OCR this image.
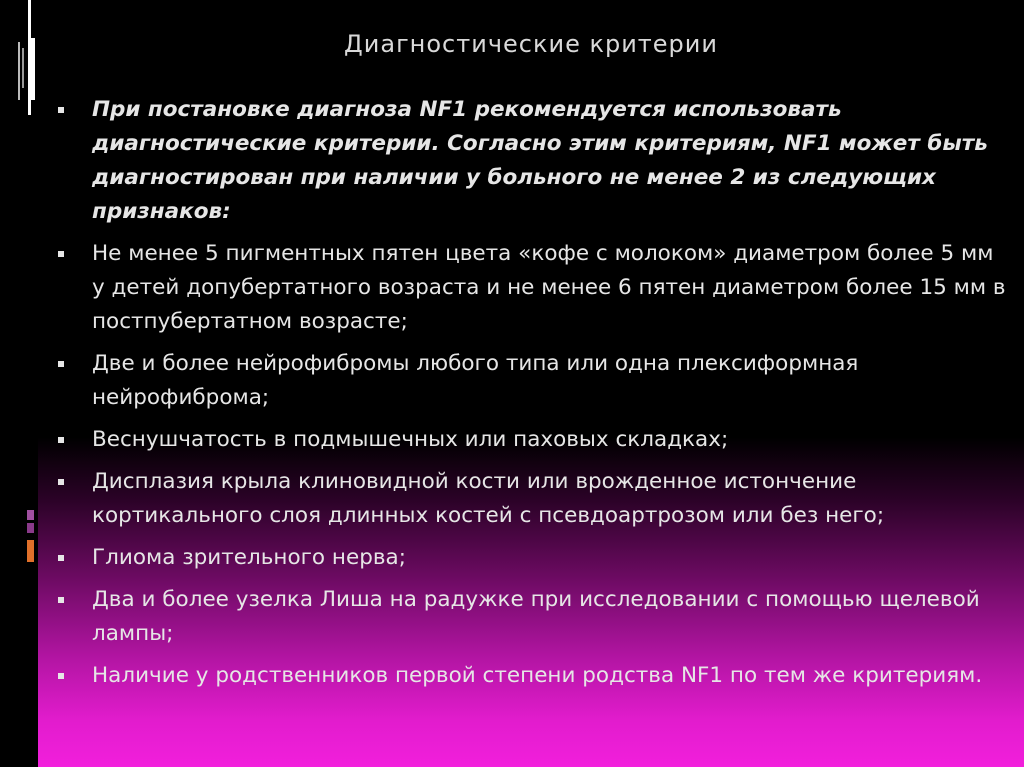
Диагностические критерии
При постановке диагноза NF1 рекомендуется использовать диагностические критерии. Согласно этим критериям, NF1 может быть диагностирован при наличии у больного не менее 2 из следующих признаков:
Не менее 5 пигментных пятен цвета «кофе с молоком» диаметром более 5 мм у детей допубертатного возраста и не менее 6 пятен диаметром более 15 мм в постпубертатном возрасте;
Две и более нейрофибромы любого типа или одна плексиформная нейрофиброма;
Веснушчатость в подмышечных или паховых складках;
Дисплазия крыла клиновидной кости или врожденное истончение кортикального слоя длинных костей с псевдоартрозом или без него;
Глиома зрительного нерва;
Два и более узелка Лиша на радужке при исследовании с помощью щелевой лампы;
Наличие у родственников первой степени родства NF1 по тем же критериям.
